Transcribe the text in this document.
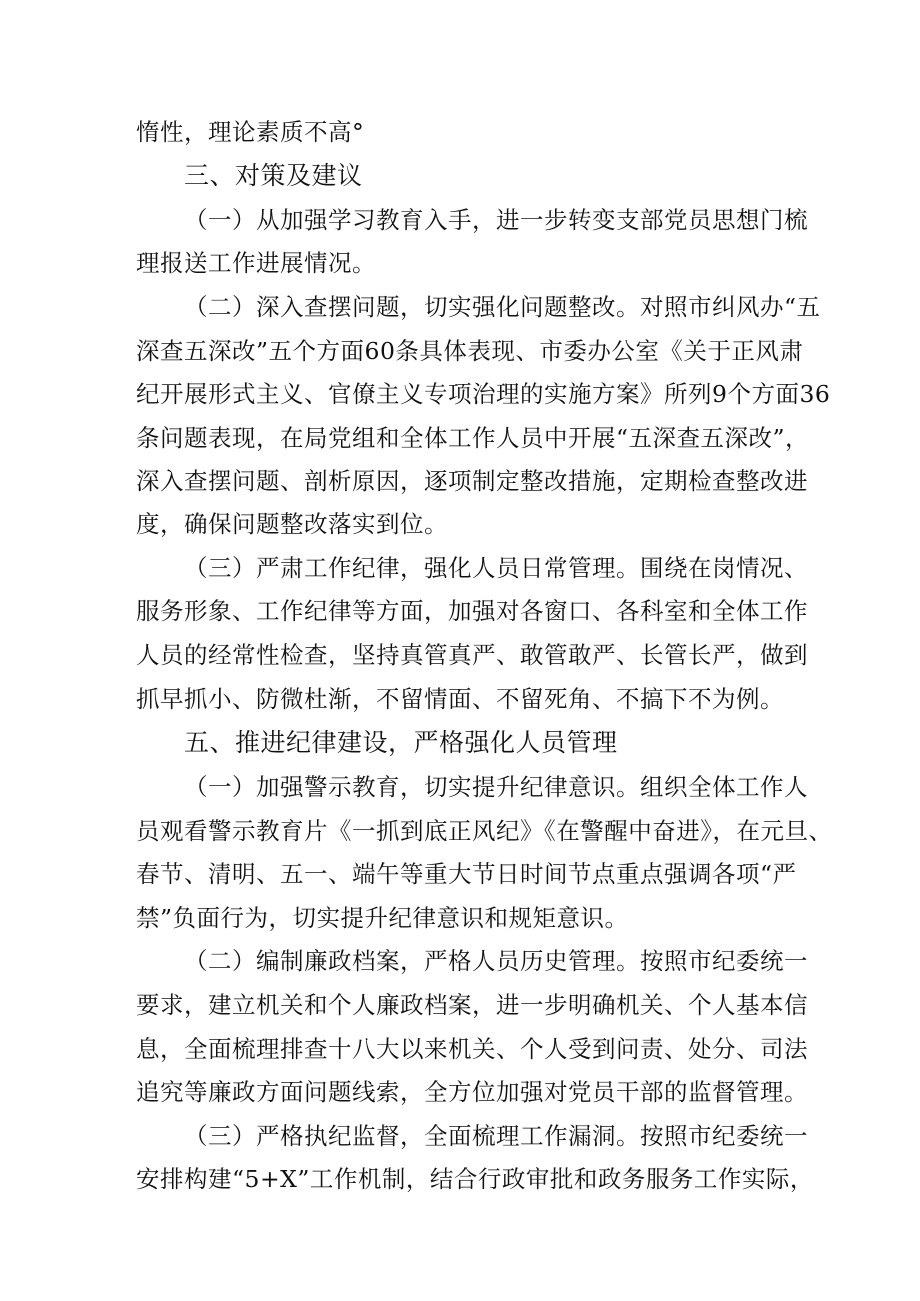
惰性，理论素质不高°
三、对策及建议
（一）从加强学习教育入手，进一步转变支部党员思想门梳
理报送工作进展情况。
（二）深入查摆问题，切实强化问题整改。对照市纠风办“五
深查五深改”五个方面60条具体表现、市委办公室《关于正风肃
纪开展形式主义、官僚主义专项治理的实施方案》所列9个方面36
条问题表现，在局党组和全体工作人员中开展“五深查五深改”，
深入查摆问题、剖析原因，逐项制定整改措施，定期检查整改进
度，确保问题整改落实到位。
（三）严肃工作纪律，强化人员日常管理。围绕在岗情况、
服务形象、工作纪律等方面，加强对各窗口、各科室和全体工作
人员的经常性检查，坚持真管真严、敢管敢严、长管长严，做到
抓早抓小、防微杜渐，不留情面、不留死角、不搞下不为例。
五、推进纪律建设，严格强化人员管理
（一）加强警示教育，切实提升纪律意识。组织全体工作人
员观看警示教育片《一抓到底正风纪》《在警醒中奋进》，在元旦、
春节、清明、五一、端午等重大节日时间节点重点强调各项“严
禁”负面行为，切实提升纪律意识和规矩意识。
（二）编制廉政档案，严格人员历史管理。按照市纪委统一
要求，建立机关和个人廉政档案，进一步明确机关、个人基本信
息，全面梳理排查十八大以来机关、个人受到问责、处分、司法
追究等廉政方面问题线索，全方位加强对党员干部的监督管理。
（三）严格执纪监督，全面梳理工作漏洞。按照市纪委统一
安排构建“5+X”工作机制，结合行政审批和政务服务工作实际，
